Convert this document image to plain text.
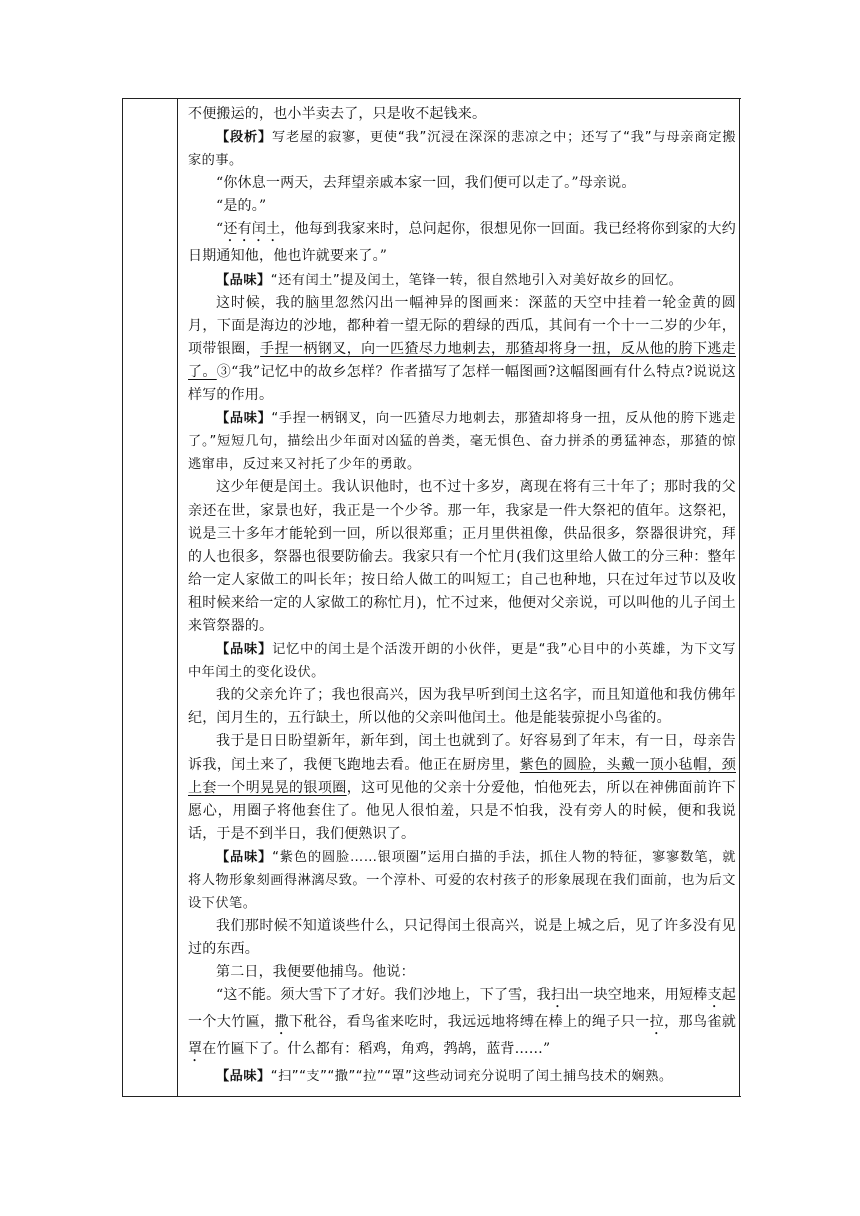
不便搬运的，也小半卖去了，只是收不起钱来。

【段析】写老屋的寂寥，更使“我”沉浸在深深的悲凉之中；还写了“我”与母亲商定搬家的事。

“你休息一两天，去拜望亲戚本家一回，我们便可以走了。”母亲说。

“是的。”

“还有闰土，他每到我家来时，总问起你，很想见你一回面。我已经将你到家的大约日期通知他，他也许就要来了。”

【品味】“还有闰土”提及闰土，笔锋一转，很自然地引入对美好故乡的回忆。

这时候，我的脑里忽然闪出一幅神异的图画来：深蓝的天空中挂着一轮金黄的圆月，下面是海边的沙地，都种着一望无际的碧绿的西瓜，其间有一个十一二岁的少年，项带银圈，手捏一柄钢叉，向一匹猹尽力地刺去，那猹却将身一扭，反从他的胯下逃走了。③“我”记忆中的故乡怎样？作者描写了怎样一幅图画?这幅图画有什么特点?说说这样写的作用。

【品味】“手捏一柄钢叉，向一匹猹尽力地刺去，那猹却将身一扭，反从他的胯下逃走了。”短短几句，描绘出少年面对凶猛的兽类，毫无惧色、奋力拼杀的勇猛神态，那猹的惊逃窜串，反过来又衬托了少年的勇敢。

这少年便是闰土。我认识他时，也不过十多岁，离现在将有三十年了；那时我的父亲还在世，家景也好，我正是一个少爷。那一年，我家是一件大祭祀的值年。这祭祀，说是三十多年才能轮到一回，所以很郑重；正月里供祖像，供品很多，祭器很讲究，拜的人也很多，祭器也很要防偷去。我家只有一个忙月(我们这里给人做工的分三种：整年给一定人家做工的叫长年；按日给人做工的叫短工；自己也种地，只在过年过节以及收租时候来给一定的人家做工的称忙月)，忙不过来，他便对父亲说，可以叫他的儿子闰土来管祭器的。

【品味】记忆中的闰土是个活泼开朗的小伙伴，更是“我”心目中的小英雄，为下文写中年闰土的变化设伏。

我的父亲允许了；我也很高兴，因为我早听到闰土这名字，而且知道他和我仿佛年纪，闰月生的，五行缺土，所以他的父亲叫他闰土。他是能装弶捉小鸟雀的。

我于是日日盼望新年，新年到，闰土也就到了。好容易到了年末，有一日，母亲告诉我，闰土来了，我便飞跑地去看。他正在厨房里，紫色的圆脸，头戴一顶小毡帽，颈上套一个明晃晃的银项圈，这可见他的父亲十分爱他，怕他死去，所以在神佛面前许下愿心，用圈子将他套住了。他见人很怕羞，只是不怕我，没有旁人的时候，便和我说话，于是不到半日，我们便熟识了。

【品味】“紫色的圆脸……银项圈”运用白描的手法，抓住人物的特征，寥寥数笔，就将人物形象刻画得淋漓尽致。一个淳朴、可爱的农村孩子的形象展现在我们面前，也为后文设下伏笔。

我们那时候不知道谈些什么，只记得闰土很高兴，说是上城之后，见了许多没有见过的东西。

第二日，我便要他捕鸟。他说：

“这不能。须大雪下了才好。我们沙地上，下了雪，我扫出一块空地来，用短棒支起一个大竹匾，撒下秕谷，看鸟雀来吃时，我远远地将缚在棒上的绳子只一拉，那鸟雀就罩在竹匾下了。什么都有：稻鸡，角鸡，鹁鸪，蓝背……”

【品味】“扫”“支”“撒”“拉”“罩”这些动词充分说明了闰土捕鸟技术的娴熟。
